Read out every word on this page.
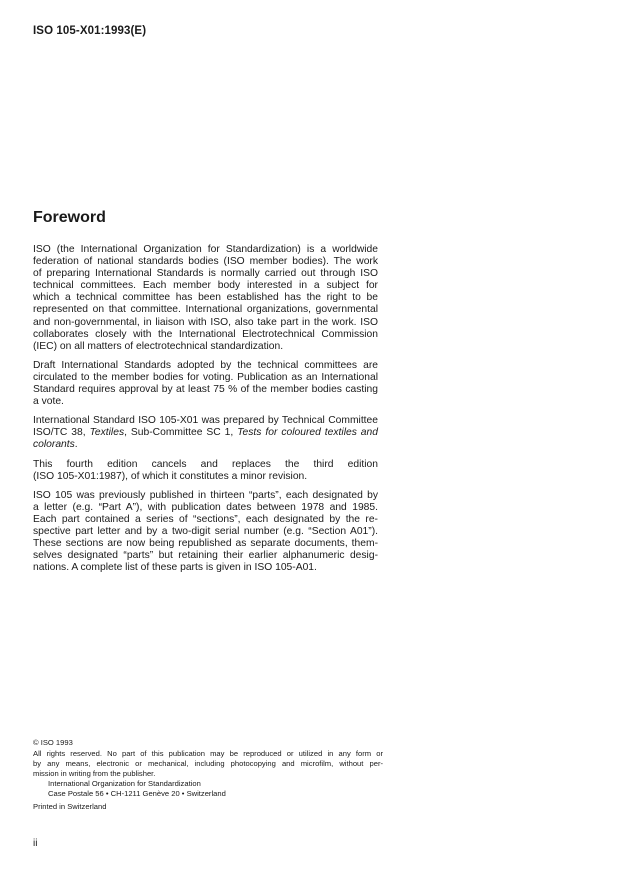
ISO 105-X01:1993(E)
Foreword

ISO (the International Organization for Standardization) is a worldwide
federation of national standards bodies (ISO member bodies). The work
of preparing International Standards is normally carried out through ISO
technical committees. Each member body interested in a subject for
which a technical committee has been established has the right to be
represented on that committee. International organizations, governmental
and non-governmental, in liaison with ISO, also take part in the work. ISO
collaborates closely with the International Electrotechnical Commission
(IEC) on all matters of electrotechnical standardization.

Draft International Standards adopted by the technical committees are
circulated to the member bodies for voting. Publication as an International
Standard requires approval by at least 75 % of the member bodies casting
a vote.

International Standard ISO 105-X01 was prepared by Technical Committee
ISO/TC 38, Textiles, Sub-Committee SC 1, Tests for coloured textiles and
colorants.

This fourth edition cancels and replaces the third edition
(ISO 105-X01:1987), of which it constitutes a minor revision.

ISO 105 was previously published in thirteen “parts”, each designated by
a letter (e.g. “Part A”), with publication dates between 1978 and 1985.
Each part contained a series of “sections”, each designated by the re-
spective part letter and by a two-digit serial number (e.g. “Section A01”).
These sections are now being republished as separate documents, them-
selves designated “parts” but retaining their earlier alphanumeric desig-
nations. A complete list of these parts is given in ISO 105-A01.

© ISO 1993
All rights reserved. No part of this publication may be reproduced or utilized in any form or
by any means, electronic or mechanical, including photocopying and microfilm, without per-
mission in writing from the publisher.
International Organization for Standardization
Case Postale 56 • CH-1211 Genève 20 • Switzerland
Printed in Switzerland
ii
